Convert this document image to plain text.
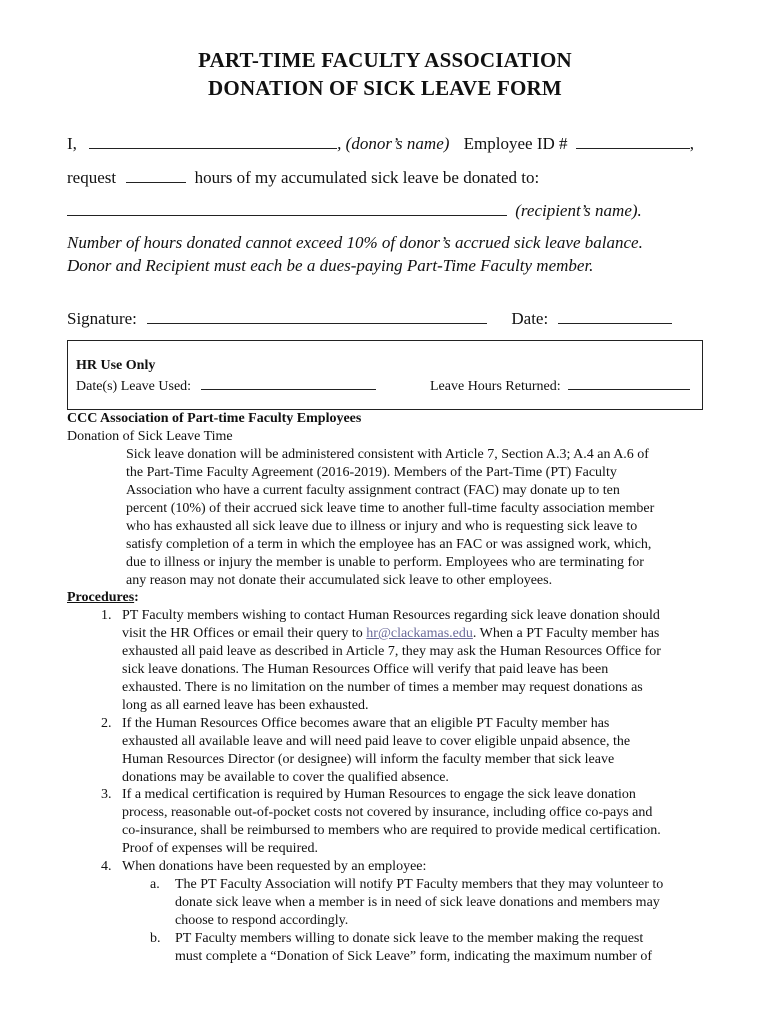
PART-TIME FACULTY ASSOCIATION
DONATION OF SICK LEAVE FORM
I,	, (donor’s name) Employee ID #	,
request	hours of my accumulated sick leave be donated to:
(recipient’s name).
Number of hours donated cannot exceed 10% of donor’s accrued sick leave balance.
Donor and Recipient must each be a dues-paying Part-Time Faculty member.
Signature:	Date:
HR Use Only
Date(s) Leave Used:	Leave Hours Returned:
CCC Association of Part-time Faculty Employees
Donation of Sick Leave Time
Sick leave donation will be administered consistent with Article 7, Section A.3; A.4 an A.6 of
the Part-Time Faculty Agreement (2016-2019). Members of the Part-Time (PT) Faculty
Association who have a current faculty assignment contract (FAC) may donate up to ten
percent (10%) of their accrued sick leave time to another full-time faculty association member
who has exhausted all sick leave due to illness or injury and who is requesting sick leave to
satisfy completion of a term in which the employee has an FAC or was assigned work, which,
due to illness or injury the member is unable to perform. Employees who are terminating for
any reason may not donate their accumulated sick leave to other employees.
Procedures:
1. PT Faculty members wishing to contact Human Resources regarding sick leave donation should
visit the HR Offices or email their query to hr@clackamas.edu. When a PT Faculty member has
exhausted all paid leave as described in Article 7, they may ask the Human Resources Office for
sick leave donations. The Human Resources Office will verify that paid leave has been
exhausted. There is no limitation on the number of times a member may request donations as
long as all earned leave has been exhausted.
2. If the Human Resources Office becomes aware that an eligible PT Faculty member has
exhausted all available leave and will need paid leave to cover eligible unpaid absence, the
Human Resources Director (or designee) will inform the faculty member that sick leave
donations may be available to cover the qualified absence.
3. If a medical certification is required by Human Resources to engage the sick leave donation
process, reasonable out-of-pocket costs not covered by insurance, including office co-pays and
co-insurance, shall be reimbursed to members who are required to provide medical certification.
Proof of expenses will be required.
4. When donations have been requested by an employee:
a. The PT Faculty Association will notify PT Faculty members that they may volunteer to
donate sick leave when a member is in need of sick leave donations and members may
choose to respond accordingly.
b. PT Faculty members willing to donate sick leave to the member making the request
must complete a “Donation of Sick Leave” form, indicating the maximum number of
